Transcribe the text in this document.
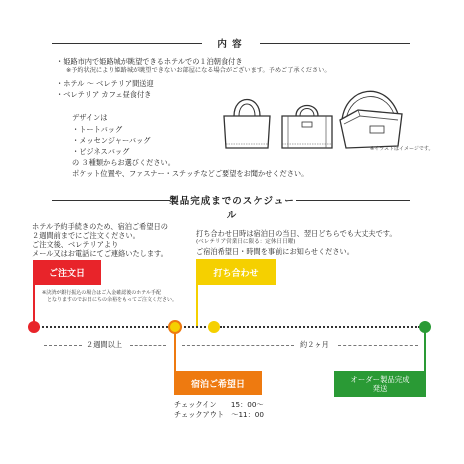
内 容
・姫路市内で姫路城が眺望できるホテルでの１泊朝食付き
※予約状況により姫路城が眺望できないお部屋になる場合がございます。予めご了承ください。
・ホテル 〜 ベレテリア間送迎
・ベレテリア カフェ昼食付き
デザインは
・トートバッグ
・メッセンジャーバッグ
・ビジネスバッグ
の ３種類からお選びください。
ポケット位置や、ファスナー・ステッチなどご要望をお聞かせください。
※イラストはイメージです。
製品完成までのスケジュール
ホテル予約手続きのため、宿泊ご希望日の
２週間前までにご注文ください。
ご注文後、ベレテリアより
メール又はお電話にてご連絡いたします。
打ち合わせ日時は宿泊日の当日、翌日どちらでも大丈夫です。
(ベレテリア営業日に限る：定休日日曜)
ご宿泊希望日・時間を事前にお知らせください。
ご注文日
※決済が銀行振込の場合はご入金確認後のホテル手配
　となりますのでお日にちの余裕をもってご注文ください。
打ち合わせ
２週間以上	約２ヶ月
宿泊ご希望日
チェックイン　　15：00〜
チェックアウト　〜11：00
オーダー製品完成
発送
